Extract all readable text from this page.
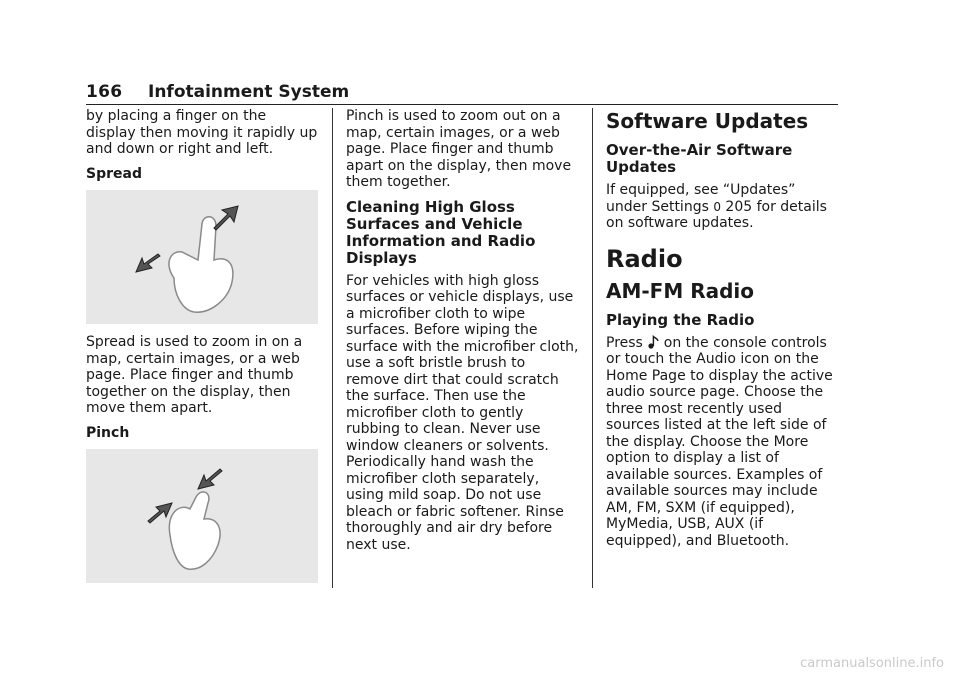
166 Infotainment System

by placing a finger on the display then moving it rapidly up and down or right and left.

Spread

Spread is used to zoom in on a map, certain images, or a web page. Place finger and thumb together on the display, then move them apart.

Pinch

Pinch is used to zoom out on a map, certain images, or a web page. Place finger and thumb apart on the display, then move them together.

Cleaning High Gloss Surfaces and Vehicle Information and Radio Displays

For vehicles with high gloss surfaces or vehicle displays, use a microfiber cloth to wipe surfaces. Before wiping the surface with the microfiber cloth, use a soft bristle brush to remove dirt that could scratch the surface. Then use the microfiber cloth to gently rubbing to clean. Never use window cleaners or solvents. Periodically hand wash the microfiber cloth separately, using mild soap. Do not use bleach or fabric softener. Rinse thoroughly and air dry before next use.

Software Updates
Over-the-Air Software Updates

If equipped, see “Updates” under Settings 0 205 for details on software updates.

Radio
AM-FM Radio
Playing the Radio

Press on the console controls or touch the Audio icon on the Home Page to display the active audio source page. Choose the three most recently used sources listed at the left side of the display. Choose the More option to display a list of available sources. Examples of available sources may include AM, FM, SXM (if equipped), MyMedia, USB, AUX (if equipped), and Bluetooth.

carmanualsonline.info
